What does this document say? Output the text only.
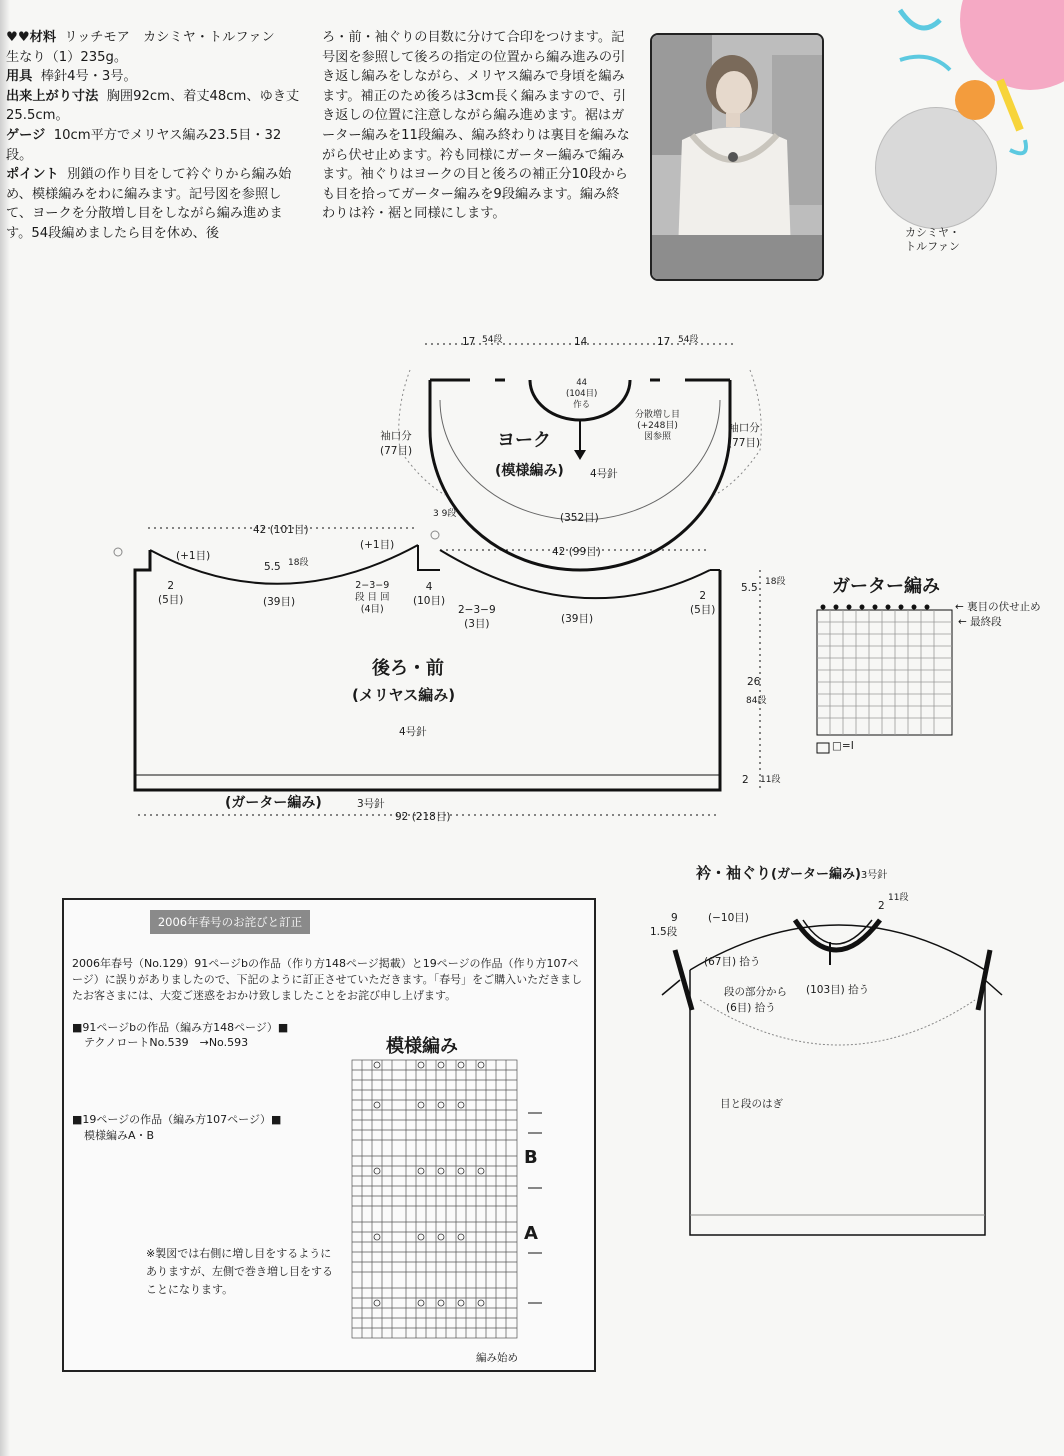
♥♥材料 リッチモア　カシミヤ・トルファン　生なり（1）235g。

用具 棒針4号・3号。

出来上がり寸法 胸囲92cm、着丈48cm、ゆき丈25.5cm。

ゲージ 10cm平方でメリヤス編み23.5目・32段。

ポイント 別鎖の作り目をして衿ぐりから編み始め、模様編みをわに編みます。記号図を参照して、ヨークを分散増し目をしながら編み進めます。54段編めましたら目を休め、後

ろ・前・袖ぐりの目数に分けて合印をつけます。記号図を参照して後ろの指定の位置から編み進みの引き返し編みをしながら、メリヤス編みで身頃を編みます。補正のため後ろは3cm長く編みますので、引き返しの位置に注意しながら編み進めます。裾はガーター編みを11段編み、編み終わりは裏目を編みながら伏せ止めます。衿も同様にガーター編みで編みます。袖ぐりはヨークの目と後ろの補正分10段からも目を拾ってガーター編みを9段編みます。編み終わりは衿・裾と同様にします。

カシミヤ・
トルファン
17 54段	14	17 54段
44
(104目)
作る
分散増し目
(+248目)
図参照
ヨーク
(模様編み) 4号針
袖口分
(77目)
袖口分
(77目)
(352目)
42 (101目)
42 (99目)
3 9段
(+1目)
(+1目)
2
(5目)
5.5 18段
(39目)
2−3−9
段 目 回
(4目)
4
(10目)
2−3−9
(3目)	(39目)
2
(5目)
5.5 18段
26
84段
2 11段
後ろ・前
(メリヤス編み)
4号針
(ガーター編み)	3号針
92 (218目)
ガーター編み
← 裏目の伏せ止め
← 最終段
□=Ⅰ
衿・袖ぐり(ガーター編み)3号針
(−10目)
(67目) 拾う
段の部分から
(6目) 拾う
(103目) 拾う
目と段のはぎ
9
1.5段
2
11段
2006年春号のお詫びと訂正
2006年春号（No.129）91ページbの作品（作り方148ページ掲載）と19ページの作品（作り方107ページ）に誤りがありましたので、下記のように訂正させていただきます。「春号」をご購入いただきましたお客さまには、大変ご迷惑をおかけ致しましたことをお詫び申し上げます。
■91ページbの作品（編み方148ページ）■
テクノロートNo.539　→No.593
■19ページの作品（編み方107ページ）■
模様編みA・B
※製図では右側に増し目をするようにありますが、左側で巻き増し目をすることになります。
模様編み
B
A
編み始め
